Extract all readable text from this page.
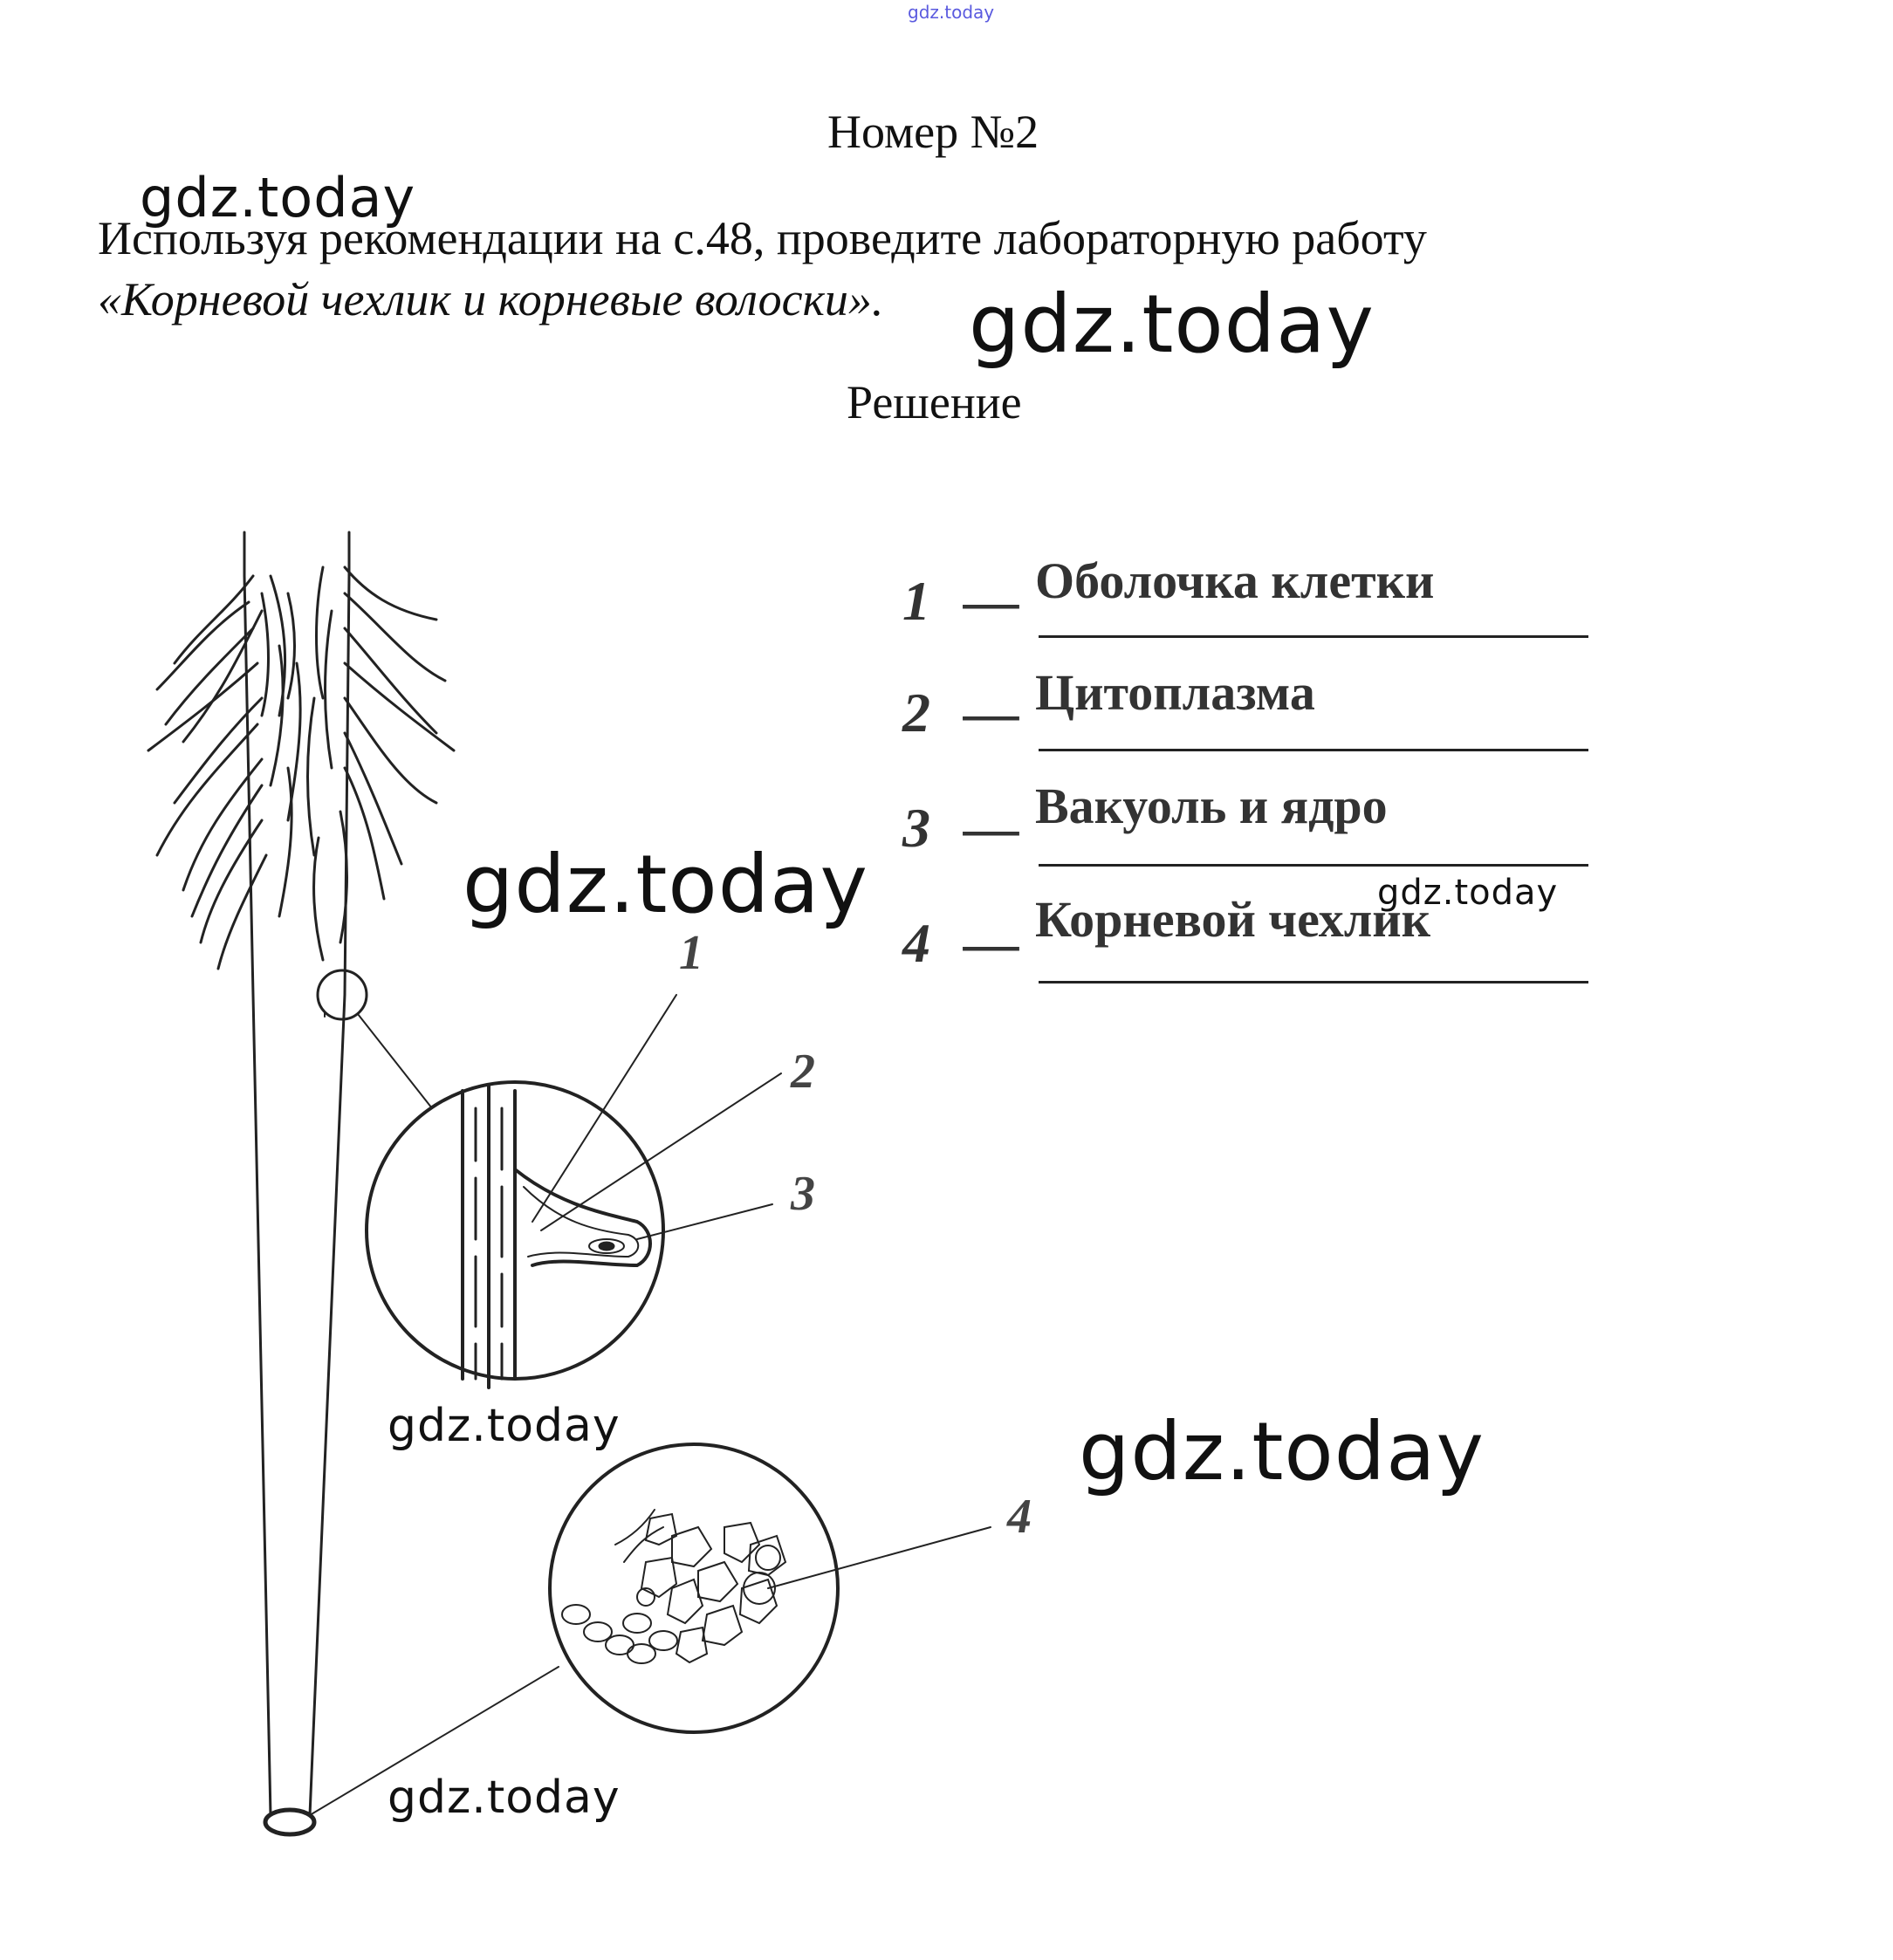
gdz.today
Номер №2
Используя рекомендации на с.48, проведите лабораторную работу
«Корневой чехлик и корневые волоски».
Решение
1 — Оболочка клетки
2 — Цитоплазма
3 — Вакуоль и ядро
4 — Корневой чехлик
1
2
3
4
gdz.today
gdz.today
gdz.today	gdz.today
gdz.today	gdz.today
gdz.today
